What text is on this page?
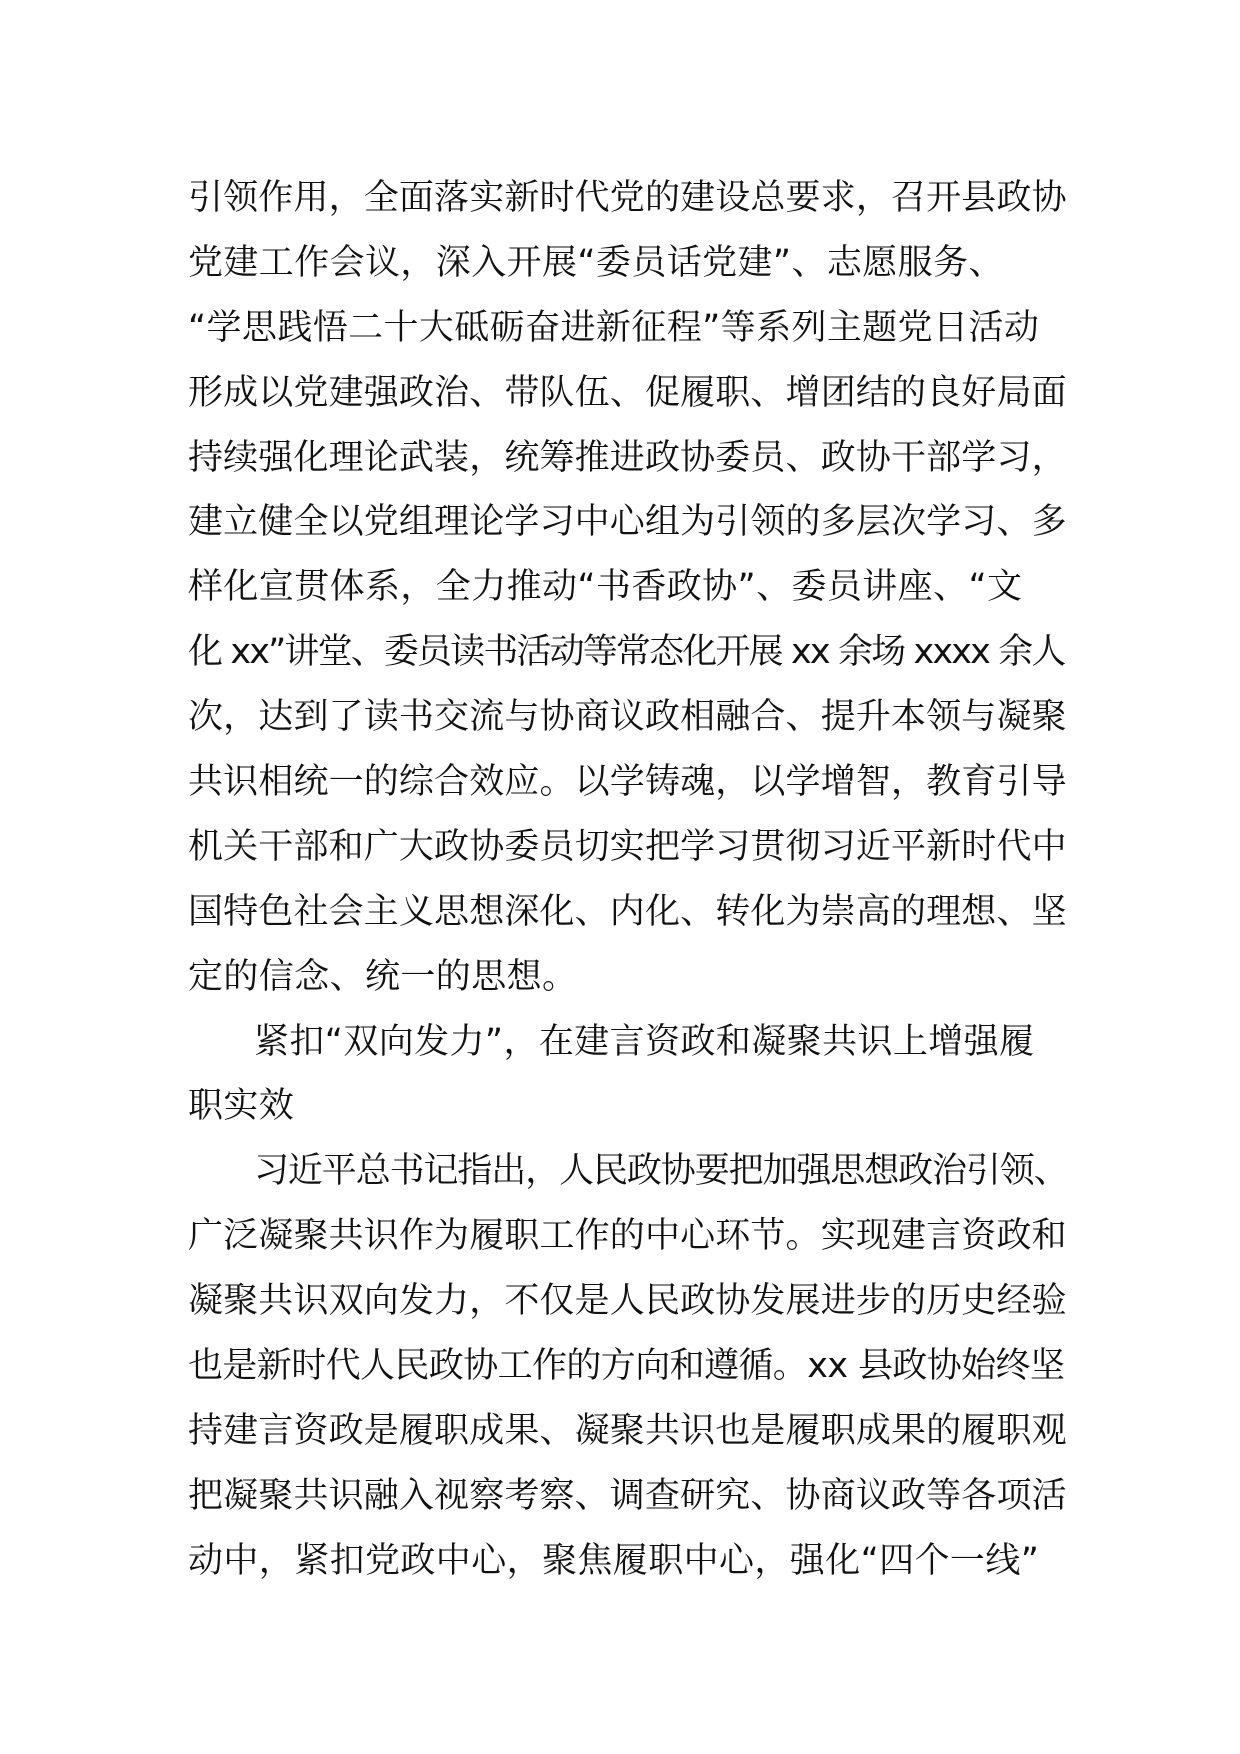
引领作用，全面落实新时代党的建设总要求，召开县政协
党建工作会议，深入开展“委员话党建”、志愿服务、
“学思践悟二十大砥砺奋进新征程”等系列主题党日活动
形成以党建强政治、带队伍、促履职、增团结的良好局面
持续强化理论武装，统筹推进政协委员、政协干部学习，
建立健全以党组理论学习中心组为引领的多层次学习、多
样化宣贯体系，全力推动“书香政协”、委员讲座、“文
化 xx”讲堂、委员读书活动等常态化开展 xx 余场 xxxx 余人
次，达到了读书交流与协商议政相融合、提升本领与凝聚
共识相统一的综合效应。以学铸魂，以学增智，教育引导
机关干部和广大政协委员切实把学习贯彻习近平新时代中
国特色社会主义思想深化、内化、转化为崇高的理想、坚
定的信念、统一的思想。
紧扣“双向发力”，在建言资政和凝聚共识上增强履
职实效
习近平总书记指出，人民政协要把加强思想政治引领、
广泛凝聚共识作为履职工作的中心环节。实现建言资政和
凝聚共识双向发力，不仅是人民政协发展进步的历史经验
也是新时代人民政协工作的方向和遵循。xx 县政协始终坚
持建言资政是履职成果、凝聚共识也是履职成果的履职观
把凝聚共识融入视察考察、调查研究、协商议政等各项活
动中，紧扣党政中心，聚焦履职中心，强化“四个一线”
